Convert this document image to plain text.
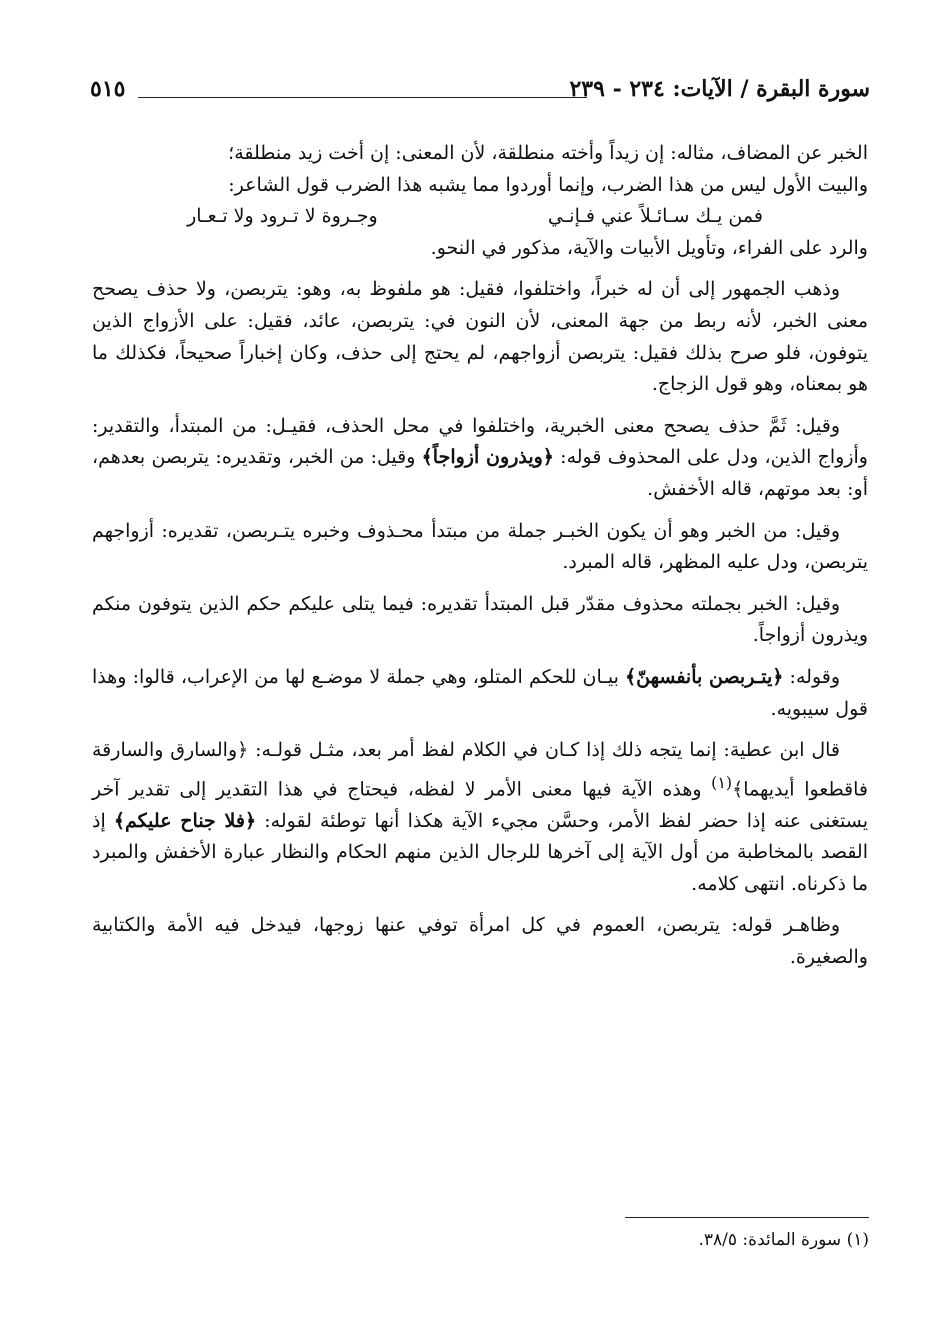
سورة البقرة / الآيات: ٢٣٤ - ٢٣٩
٥١٥

الخبر عن المضاف، مثاله: إن زيداً وأخته منطلقة، لأن المعنى: إن أخت زيد منطلقة؛

والبيت الأول ليس من هذا الضرب، وإنما أوردوا مما يشبه هذا الضرب قول الشاعر:

فمن يـك سـائـلاً عني فـإنـي
وجـروة لا تـرود ولا تـعـار

والرد على الفراء، وتأويل الأبيات والآية، مذكور في النحو.

وذهب الجمهور إلى أن له خبراً، واختلفوا، فقيل: هو ملفوظ به، وهو: يتربصن، ولا حذف يصحح معنى الخبر، لأنه ربط من جهة المعنى، لأن النون في: يتربصن، عائد، فقيل: على الأزواج الذين يتوفون، فلو صرح بذلك فقيل: يتربصن أزواجهم، لم يحتج إلى حذف، وكان إخباراً صحيحاً، فكذلك ما هو بمعناه، وهو قول الزجاج.

وقيل: ثَمَّ حذف يصحح معنى الخبرية، واختلفوا في محل الحذف، فقيـل: من المبتدأ، والتقدير: وأزواج الذين، ودل على المحذوف قوله: ﴿ويذرون أزواجاً﴾ وقيل: من الخبر، وتقديره: يتربصن بعدهم، أو: بعد موتهم، قاله الأخفش.

وقيل: من الخبر وهو أن يكون الخبـر جملة من مبتدأ محـذوف وخبره يتـربصن، تقديره: أزواجهم يتربصن، ودل عليه المظهر، قاله المبرد.

وقيل: الخبر بجملته محذوف مقدّر قبل المبتدأ تقديره: فيما يتلى عليكم حكم الذين يتوفون منكم ويذرون أزواجاً.

وقوله: ﴿يتـربصن بأنفسهنّ﴾ بيـان للحكم المتلو، وهي جملة لا موضـع لها من الإعراب، قالوا: وهذا قول سيبويه.

قال ابن عطية: إنما يتجه ذلك إذا كـان في الكلام لفظ أمر بعد، مثـل قولـه: ﴿والسارق والسارقة فاقطعوا أيديهما﴾$^{(١)}$ وهذه الآية فيها معنى الأمر لا لفظه، فيحتاج في هذا التقدير إلى تقدير آخر يستغنى عنه إذا حضر لفظ الأمر، وحسَّن مجيء الآية هكذا أنها توطئة لقوله: ﴿فلا جناح عليكم﴾ إذ القصد بالمخاطبة من أول الآية إلى آخرها للرجال الذين منهم الحكام والنظار عبارة الأخفش والمبرد ما ذكرناه. انتهى كلامه.

وظاهـر قوله: يتربصن، العموم في كل امرأة توفي عنها زوجها، فيدخل فيه الأمة والكتابية والصغيرة.

(١) سورة المائدة: ٣٨/٥.
